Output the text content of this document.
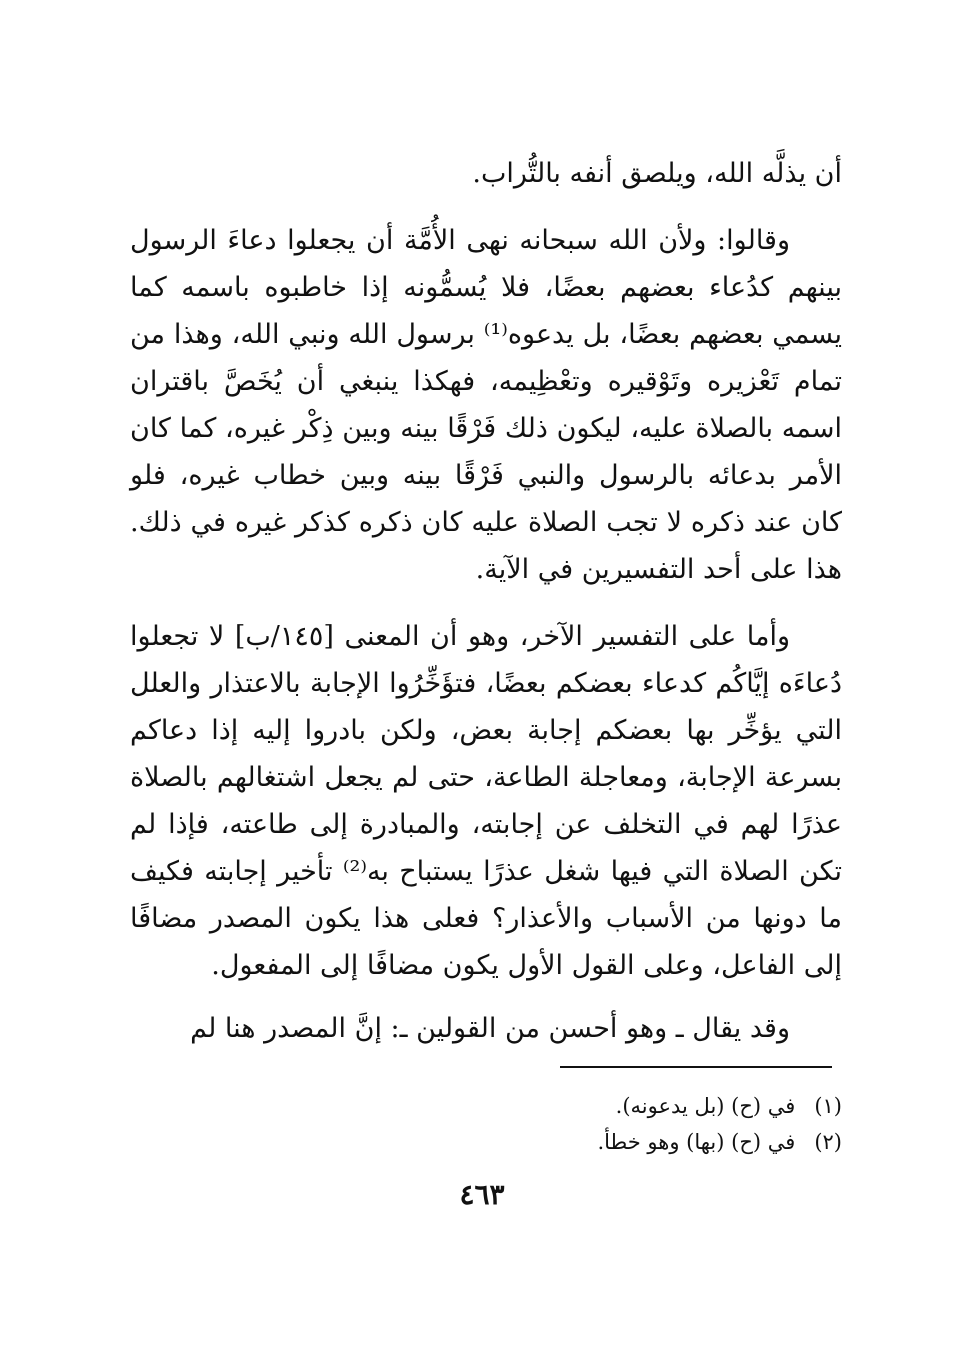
أن يذلَّه الله، ويلصق أنفه بالتُّراب.

وقالوا: ولأن الله سبحانه نهى الأُمَّة أن يجعلوا دعاءَ الرسول بينهم كدُعاء بعضهم بعضًا، فلا يُسمُّونه إذا خاطبوه باسمه كما يسمي بعضهم بعضًا، بل يدعوه⁽¹⁾ برسول الله ونبي الله، وهذا من تمام تَعْزيره وتَوْقيره وتعْظِيمه، فهكذا ينبغي أن يُخَصَّ باقتران اسمه بالصلاة عليه، ليكون ذلك فَرْقًا بينه وبين ذِكْر غيره، كما كان الأمر بدعائه بالرسول والنبي فَرْقًا بينه وبين خطاب غيره، فلو كان عند ذكره لا تجب الصلاة عليه كان ذكره كذكر غيره في ذلك. هذا على أحد التفسيرين في الآية.

وأما على التفسير الآخر، وهو أن المعنى [١٤٥/ب] لا تجعلوا دُعاءَه إيَّاكُم كدعاء بعضكم بعضًا، فتؤَخِّرُوا الإجابة بالاعتذار والعلل التي يؤخِّر بها بعضكم إجابة بعض، ولكن بادروا إليه إذا دعاكم بسرعة الإجابة، ومعاجلة الطاعة، حتى لم يجعل اشتغالهم بالصلاة عذرًا لهم في التخلف عن إجابته، والمبادرة إلى طاعته، فإذا لم تكن الصلاة التي فيها شغل عذرًا يستباح به⁽²⁾ تأخير إجابته فكيف ما دونها من الأسباب والأعذار؟ فعلى هذا يكون المصدر مضافًا إلى الفاعل، وعلى القول الأول يكون مضافًا إلى المفعول.

وقد يقال ـ وهو أحسن من القولين ـ: إنَّ المصدر هنا لم

(١) في (ح) (بل يدعونه).

(٢) في (ح) (بها) وهو خطأ.

٤٦٣
